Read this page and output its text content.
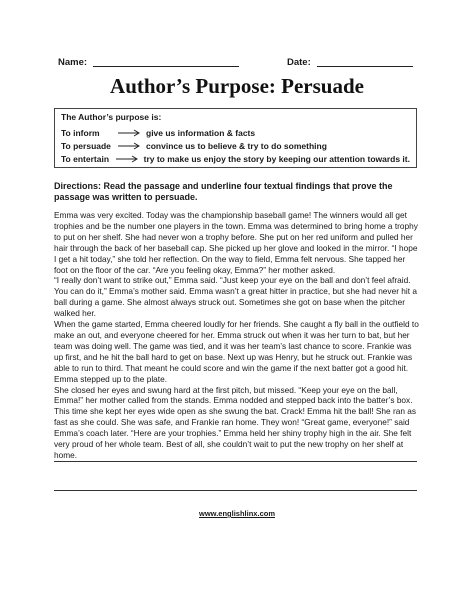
Name:	Date:
Author’s Purpose: Persuade
The Author’s purpose is:
To inform	give us information & facts
To persuade	convince us to believe & try to do something
To entertain	try to make us enjoy the story by keeping our attention towards it.
Directions: Read the passage and underline four textual findings that prove the passage was written to persuade.

Emma was very excited. Today was the championship baseball game! The winners would all get trophies and be the number one players in the town. Emma was determined to bring home a trophy to put on her shelf. She had never won a trophy before. She put on her red uniform and pulled her hair through the back of her baseball cap. She picked up her glove and looked in the mirror. “I hope I get a hit today,” she told her reflection. On the way to field, Emma felt nervous. She tapped her foot on the floor of the car. “Are you feeling okay, Emma?” her mother asked.

“I really don’t want to strike out,” Emma said. “Just keep your eye on the ball and don’t feel afraid. You can do it,” Emma’s mother said. Emma wasn’t a great hitter in practice, but she had never hit a ball during a game. She almost always struck out. Sometimes she got on base when the pitcher walked her.

When the game started, Emma cheered loudly for her friends. She caught a fly ball in the outfield to make an out, and everyone cheered for her. Emma struck out when it was her turn to bat, but her team was doing well. The game was tied, and it was her team’s last chance to score. Frankie was up first, and he hit the ball hard to get on base. Next up was Henry, but he struck out. Frankie was able to run to third. That meant he could score and win the game if the next batter got a good hit. Emma stepped up to the plate.

She closed her eyes and swung hard at the first pitch, but missed. “Keep your eye on the ball, Emma!” her mother called from the stands. Emma nodded and stepped back into the batter’s box. This time she kept her eyes wide open as she swung the bat. Crack! Emma hit the ball! She ran as fast as she could. She was safe, and Frankie ran home. They won! “Great game, everyone!” said Emma’s coach later. “Here are your trophies.” Emma held her shiny trophy high in the air. She felt very proud of her whole team. Best of all, she couldn’t wait to put the new trophy on her shelf at home.

www.englishlinx.com
